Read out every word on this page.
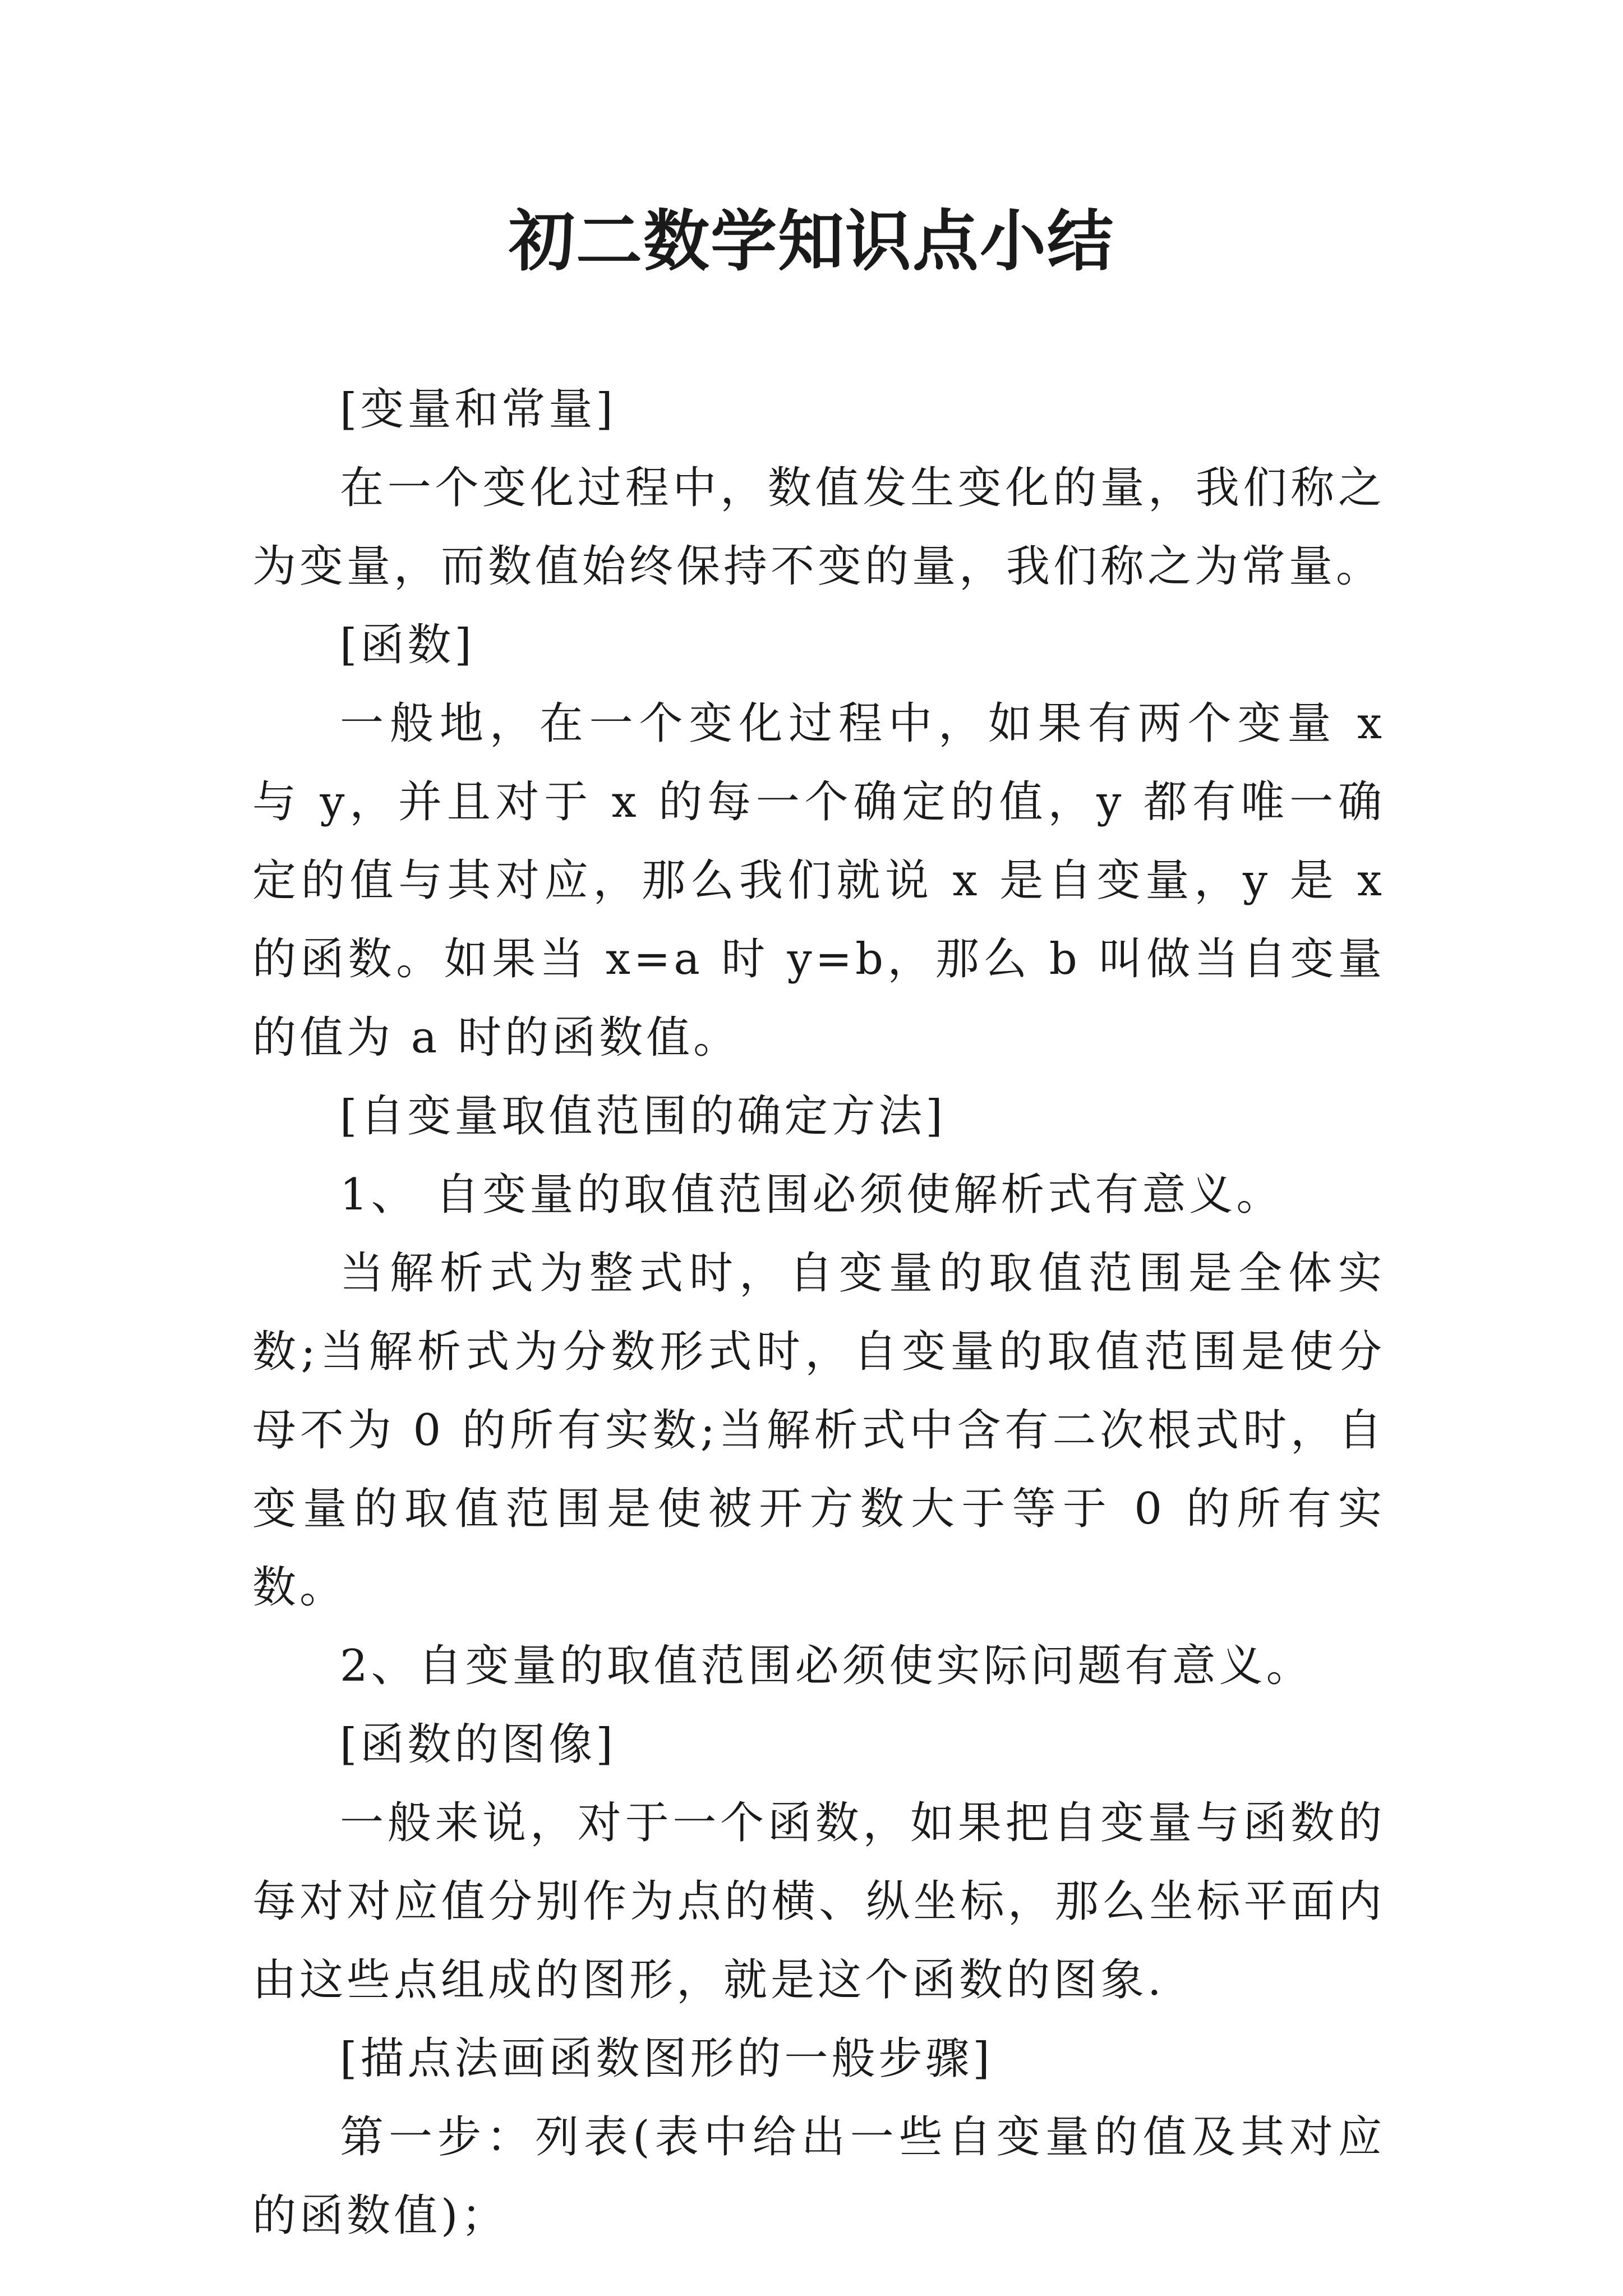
初二数学知识点小结

[变量和常量]

在一个变化过程中，数值发生变化的量，我们称之为变量，而数值始终保持不变的量，我们称之为常量。

[函数]

一般地，在一个变化过程中，如果有两个变量 x 与 y，并且对于 x 的每一个确定的值，y 都有唯一确定的值与其对应，那么我们就说 x 是自变量，y 是 x 的函数。如果当 x=a 时 y=b，那么 b 叫做当自变量的值为 a 时的函数值。

[自变量取值范围的确定方法]

1、 自变量的取值范围必须使解析式有意义。

当解析式为整式时，自变量的取值范围是全体实数;当解析式为分数形式时，自变量的取值范围是使分母不为 0 的所有实数;当解析式中含有二次根式时，自变量的取值范围是使被开方数大于等于 0 的所有实数。

2、自变量的取值范围必须使实际问题有意义。

[函数的图像]

一般来说，对于一个函数，如果把自变量与函数的每对对应值分别作为点的横、纵坐标，那么坐标平面内由这些点组成的图形，就是这个函数的图象.

[描点法画函数图形的一般步骤]

第一步：列表(表中给出一些自变量的值及其对应的函数值)；
